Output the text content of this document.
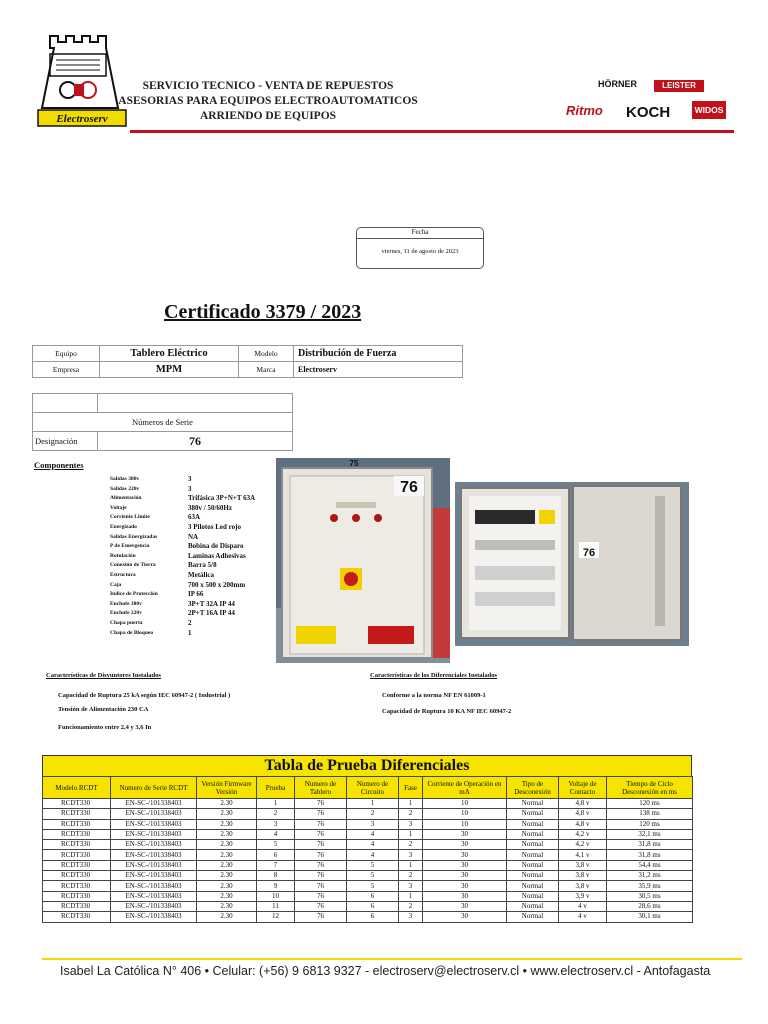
Electroserv
SERVICIO TECNICO - VENTA DE REPUESTOS
ASESORIAS PARA EQUIPOS ELECTROAUTOMATICOS
ARRIENDO DE EQUIPOS
HÖRNER	LEISTER
Ritmo KOCH	WIDOS
Fecha
viernes, 11 de agosto de 2023
Certificado 3379 / 2023
Equipo	Tablero Eléctrico	Modelo	Distribución de Fuerza
Empresa	MPM	Marca	Electroserv

Números de Serie	
Designación	76
Componentes
Salidas 380v	3
Salidas 220v	3
Alimentación	Trifásica 3P+N+T 63A
Voltaje	380v / 50/60Hz
Corriente Limite	63A
Energizado	3 Pilotos Led rojo
Salidas Energizadas	NA
P de Emergencia	Bobina de Disparo
Rotulación	Laminas Adhesivas
Conexión de Tierra	Barra 5/8
Estructura	Metálica
Caja	700 x 500 x 200mm
Indice de Protección	IP 66
Enchufe 380v	3P+T 32A IP 44
Enchufe 220v	2P+T 16A IP 44
Chapa puerta	2
Chapa de Bloqueo	1
76
75
76
Características de Disyuntores Instalados
Capacidad de Ruptura 25 kA según IEC 60947-2 ( Industrial )
Tensión de Alimentación 230 CA
Funcionamiento entre 2,4 y 3,6 In
Características de los Diferenciales Instalados
Conforme a la norma NF EN 61009-1
Capacidad de Ruptura 10 KA NF IEC 60947-2
Tabla de Prueba Diferenciales
Modelo RCDT	Numero de Serie RCDT	Versión Firmware Versión	Prueba	Numero de Tablero	Numero de Circuito	Fase	Corriente de Operación en mA	Tipo de Desconexión	Voltaje de Contacto	Tiempo de Ciclo Desconexión en ms
RCDT330	EN-SC-/101338403	2.30	1	76	1	1	10	Normal	4,8 v	120 ms
RCDT330	EN-SC-/101338403	2.30	2	76	2	2	10	Normal	4,8 v	138 ms
RCDT330	EN-SC-/101338403	2.30	3	76	3	3	10	Normal	4,8 v	120 ms
RCDT330	EN-SC-/101338403	2.30	4	76	4	1	30	Normal	4,2 v	32,1 ms
RCDT330	EN-SC-/101338403	2.30	5	76	4	2	30	Normal	4,2 v	31,8 ms
RCDT330	EN-SC-/101338403	2.30	6	76	4	3	30	Normal	4,1 v	31,8 ms
RCDT330	EN-SC-/101338403	2.30	7	76	5	1	30	Normal	3,8 v	54,4 ms
RCDT330	EN-SC-/101338403	2.30	8	76	5	2	30	Normal	3,8 v	31,2 ms
RCDT330	EN-SC-/101338403	2.30	9	76	5	3	30	Normal	3,8 v	35,9 ms
RCDT330	EN-SC-/101338403	2.30	10	76	6	1	30	Normal	3,9 v	30,5 ms
RCDT330	EN-SC-/101338403	2.30	11	76	6	2	30	Normal	4 v	28,6 ms
RCDT330	EN-SC-/101338403	2.30	12	76	6	3	30	Normal	4 v	30,1 ms
Isabel La Católica N° 406 • Celular: (+56) 9 6813 9327 - electroserv@electroserv.cl • www.electroserv.cl - Antofagasta
